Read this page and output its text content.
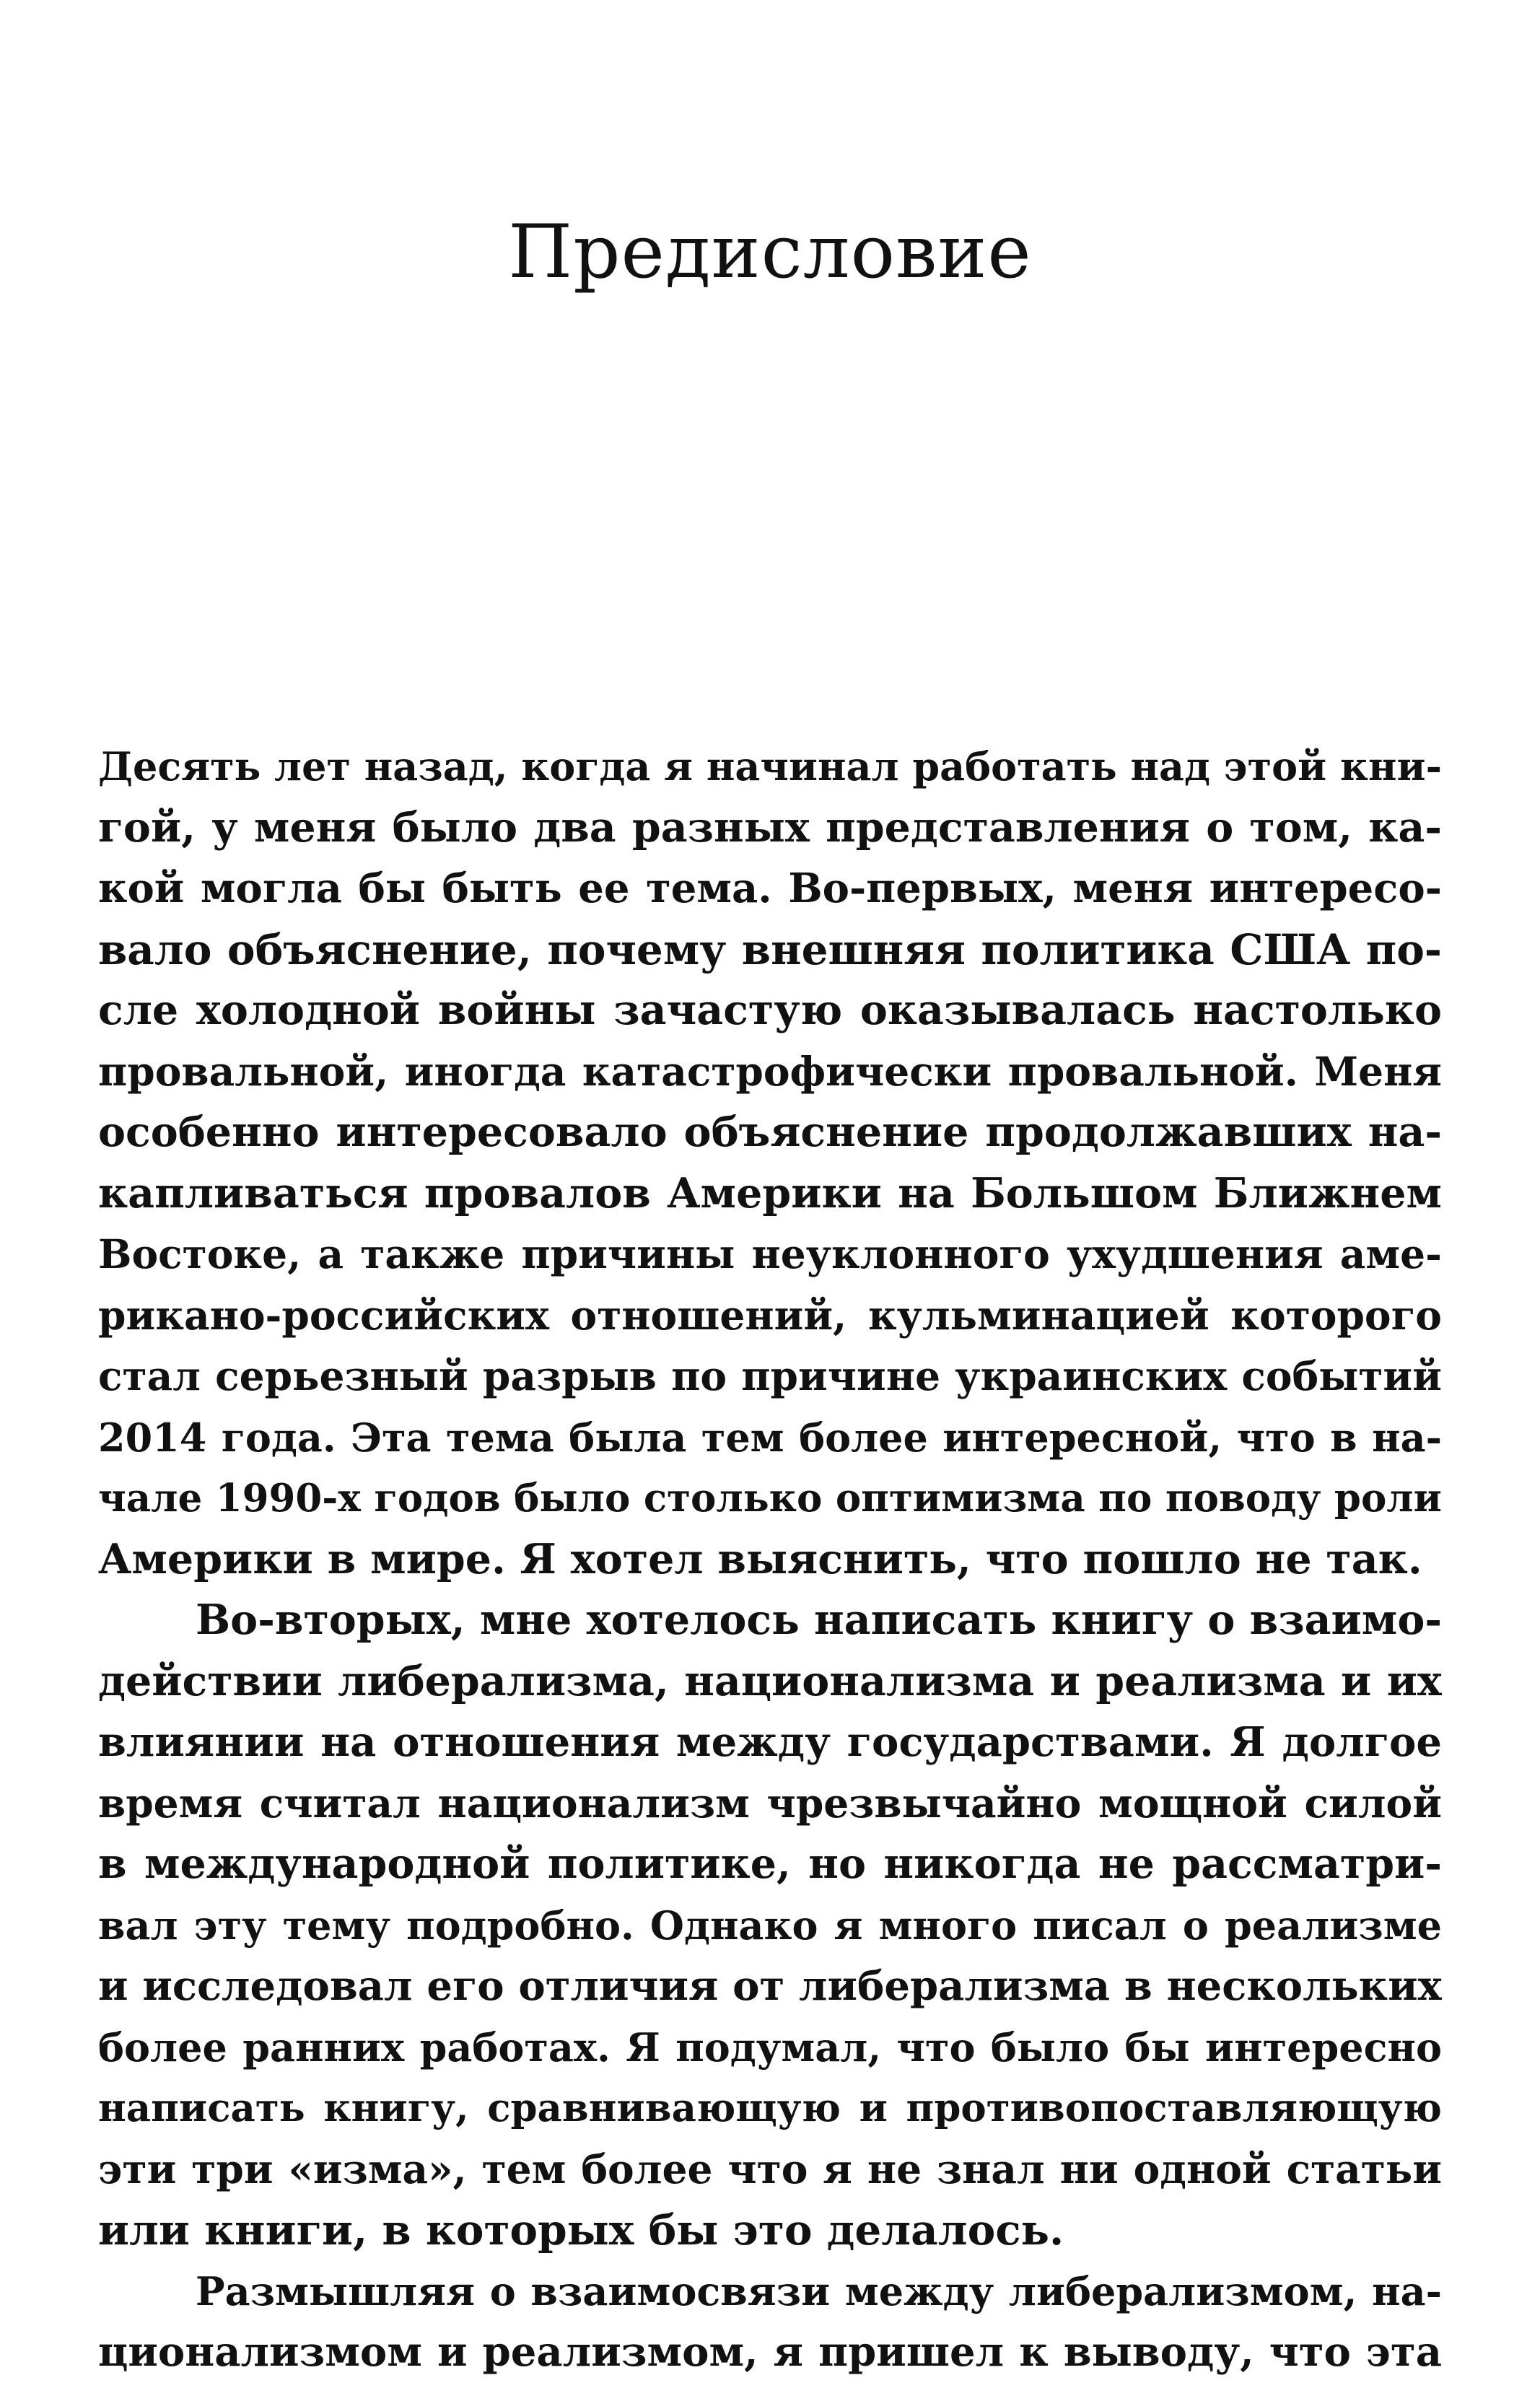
Предисловие
Десять лет назад, когда я начинал работать над этой кни-
гой, у меня было два разных представления о том, ка-
кой могла бы быть ее тема. Во-первых, меня интересо-
вало объяснение, почему внешняя политика США по-
сле холодной войны зачастую оказывалась настолько
провальной, иногда катастрофически провальной. Меня
особенно интересовало объяснение продолжавших на-
капливаться провалов Америки на Большом Ближнем
Востоке, а также причины неуклонного ухудшения аме-
рикано-российских отношений, кульминацией которого
стал серьезный разрыв по причине украинских событий
2014 года. Эта тема была тем более интересной, что в на-
чале 1990-х годов было столько оптимизма по поводу роли
Америки в мире. Я хотел выяснить, что пошло не так.
Во-вторых, мне хотелось написать книгу о взаимо-
действии либерализма, национализма и реализма и их
влиянии на отношения между государствами. Я долгое
время считал национализм чрезвычайно мощной силой
в международной политике, но никогда не рассматри-
вал эту тему подробно. Однако я много писал о реализме
и исследовал его отличия от либерализма в нескольких
более ранних работах. Я подумал, что было бы интересно
написать книгу, сравнивающую и противопоставляющую
эти три «изма», тем более что я не знал ни одной статьи
или книги, в которых бы это делалось.
Размышляя о взаимосвязи между либерализмом, на-
ционализмом и реализмом, я пришел к выводу, что эта
